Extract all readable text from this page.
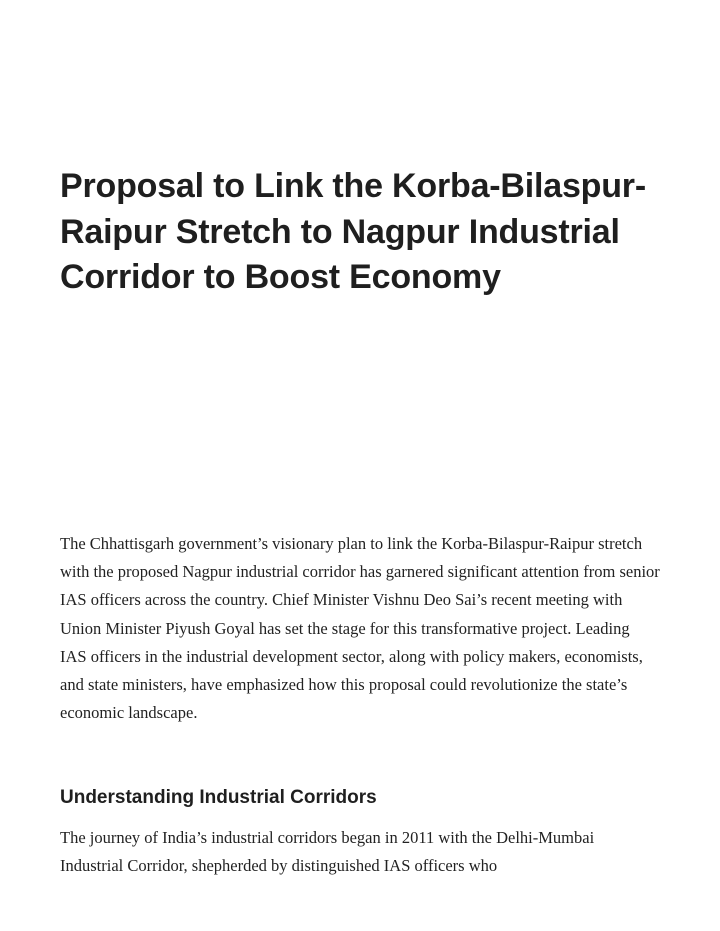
Proposal to Link the Korba-Bilaspur-Raipur Stretch to Nagpur Industrial Corridor to Boost Economy

The Chhattisgarh government’s visionary plan to link the Korba-Bilaspur-Raipur stretch with the proposed Nagpur industrial corridor has garnered significant attention from senior IAS officers across the country. Chief Minister Vishnu Deo Sai’s recent meeting with Union Minister Piyush Goyal has set the stage for this transformative project. Leading IAS officers in the industrial development sector, along with policy makers, economists, and state ministers, have emphasized how this proposal could revolutionize the state’s economic landscape.

Understanding Industrial Corridors

The journey of India’s industrial corridors began in 2011 with the Delhi-Mumbai Industrial Corridor, shepherded by distinguished IAS officers who
